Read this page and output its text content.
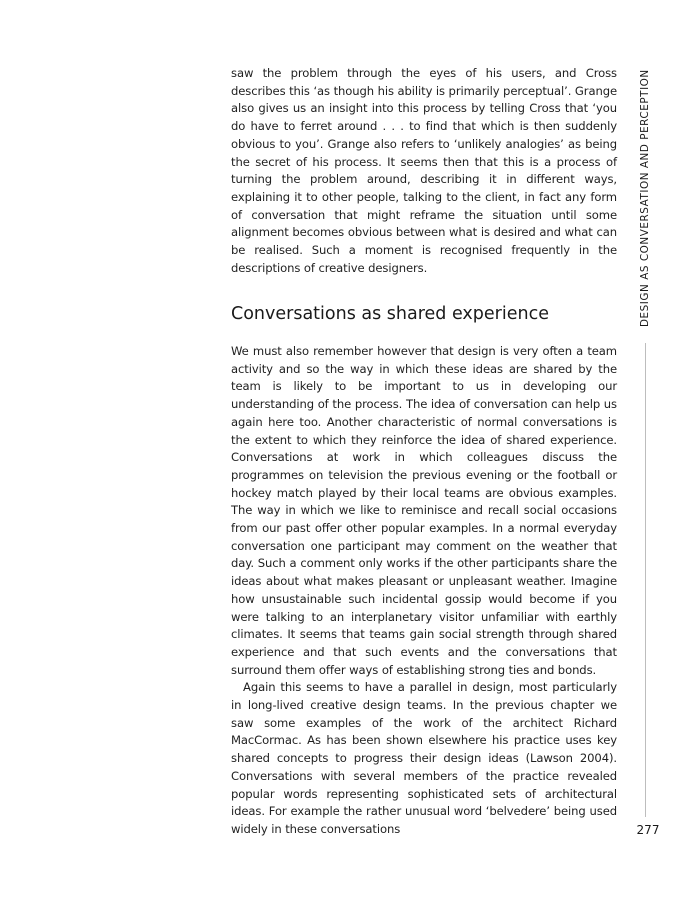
saw the problem through the eyes of his users, and Cross describes this ‘as though his ability is primarily perceptual’. Grange also gives us an insight into this process by telling Cross that ‘you do have to ferret around . . . to find that which is then suddenly obvious to you’. Grange also refers to ‘unlikely analogies’ as being the secret of his process. It seems then that this is a process of turning the problem around, describing it in different ways, explaining it to other people, talking to the client, in fact any form of conversation that might reframe the situation until some alignment becomes obvious between what is desired and what can be realised. Such a moment is recognised frequently in the descriptions of creative designers.

Conversations as shared experience

We must also remember however that design is very often a team activity and so the way in which these ideas are shared by the team is likely to be important to us in developing our understanding of the process. The idea of conversation can help us again here too. Another characteristic of normal conversations is the extent to which they reinforce the idea of shared experience. Conversations at work in which colleagues discuss the programmes on television the previous evening or the football or hockey match played by their local teams are obvious examples. The way in which we like to reminisce and recall social occasions from our past offer other popular examples. In a normal everyday conversation one participant may comment on the weather that day. Such a comment only works if the other participants share the ideas about what makes pleasant or unpleasant weather. Imagine how unsustainable such incidental gossip would become if you were talking to an interplanetary visitor unfamiliar with earthly climates. It seems that teams gain social strength through shared experience and that such events and the conversations that surround them offer ways of establishing strong ties and bonds.

Again this seems to have a parallel in design, most particularly in long-lived creative design teams. In the previous chapter we saw some examples of the work of the architect Richard MacCormac. As has been shown elsewhere his practice uses key shared concepts to progress their design ideas (Lawson 2004). Conversations with several members of the practice revealed popular words representing sophisticated sets of architectural ideas. For example the rather unusual word ‘belvedere’ being used widely in these conversations

DESIGN AS CONVERSATION AND PERCEPTION
277
